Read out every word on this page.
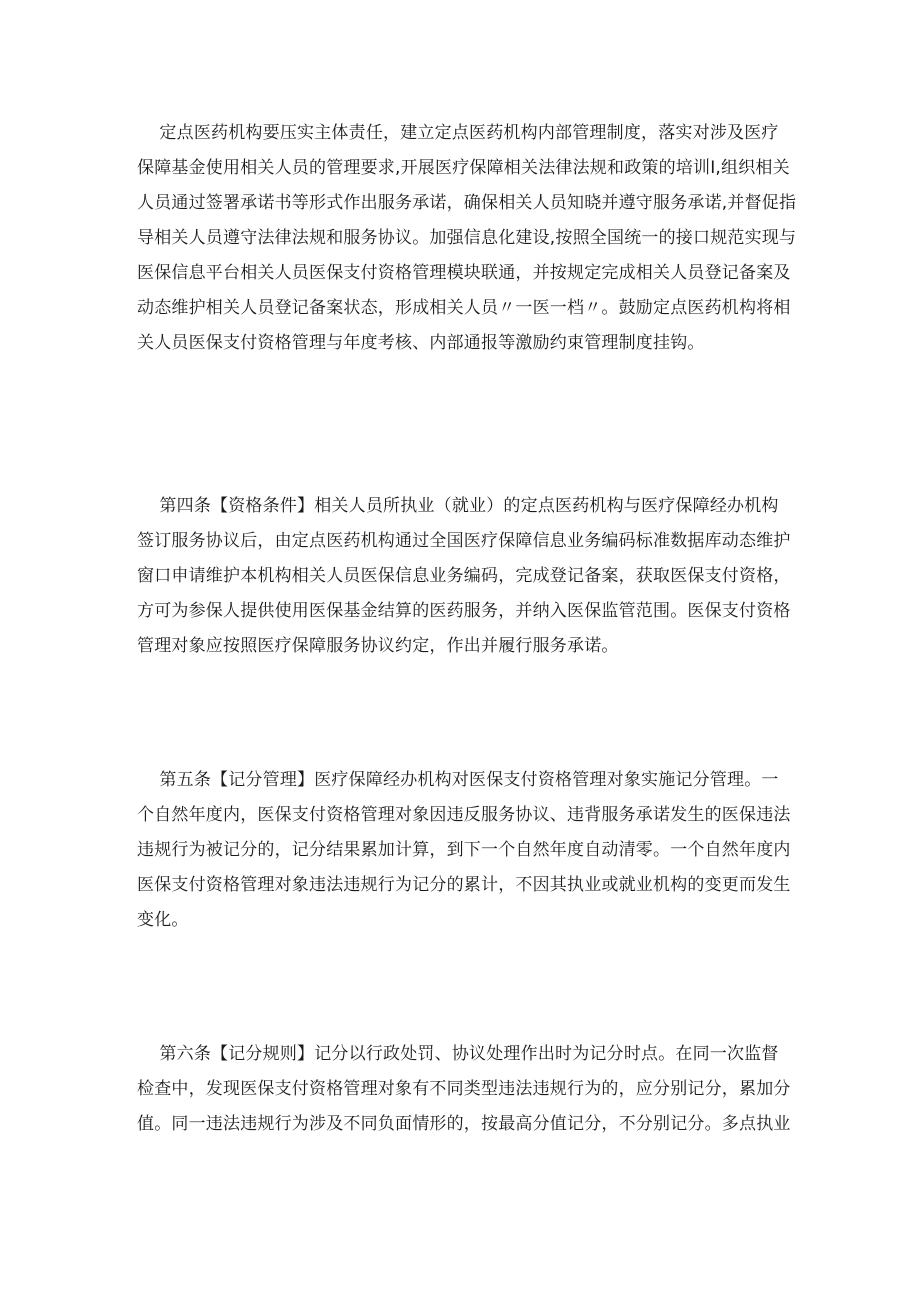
定点医药机构要压实主体责任，建立定点医药机构内部管理制度，落实对涉及医疗
保障基金使用相关人员的管理要求,开展医疗保障相关法律法规和政策的培训I,组织相关
人员通过签署承诺书等形式作出服务承诺，确保相关人员知晓并遵守服务承诺,并督促指
导相关人员遵守法律法规和服务协议。加强信息化建设,按照全国统一的接口规范实现与
医保信息平台相关人员医保支付资格管理模块联通，并按规定完成相关人员登记备案及
动态维护相关人员登记备案状态，形成相关人员〃一医一档〃。鼓励定点医药机构将相
关人员医保支付资格管理与年度考核、内部通报等激励约束管理制度挂钩。
第四条【资格条件】相关人员所执业（就业）的定点医药机构与医疗保障经办机构
签订服务协议后，由定点医药机构通过全国医疗保障信息业务编码标准数据库动态维护
窗口申请维护本机构相关人员医保信息业务编码，完成登记备案，获取医保支付资格，
方可为参保人提供使用医保基金结算的医药服务，并纳入医保监管范围。医保支付资格
管理对象应按照医疗保障服务协议约定，作出并履行服务承诺。
第五条【记分管理】医疗保障经办机构对医保支付资格管理对象实施记分管理。一
个自然年度内，医保支付资格管理对象因违反服务协议、违背服务承诺发生的医保违法
违规行为被记分的，记分结果累加计算，到下一个自然年度自动清零。一个自然年度内
医保支付资格管理对象违法违规行为记分的累计，不因其执业或就业机构的变更而发生
变化。
第六条【记分规则】记分以行政处罚、协议处理作出时为记分时点。在同一次监督
检查中，发现医保支付资格管理对象有不同类型违法违规行为的，应分别记分，累加分
值。同一违法违规行为涉及不同负面情形的，按最高分值记分，不分别记分。多点执业
